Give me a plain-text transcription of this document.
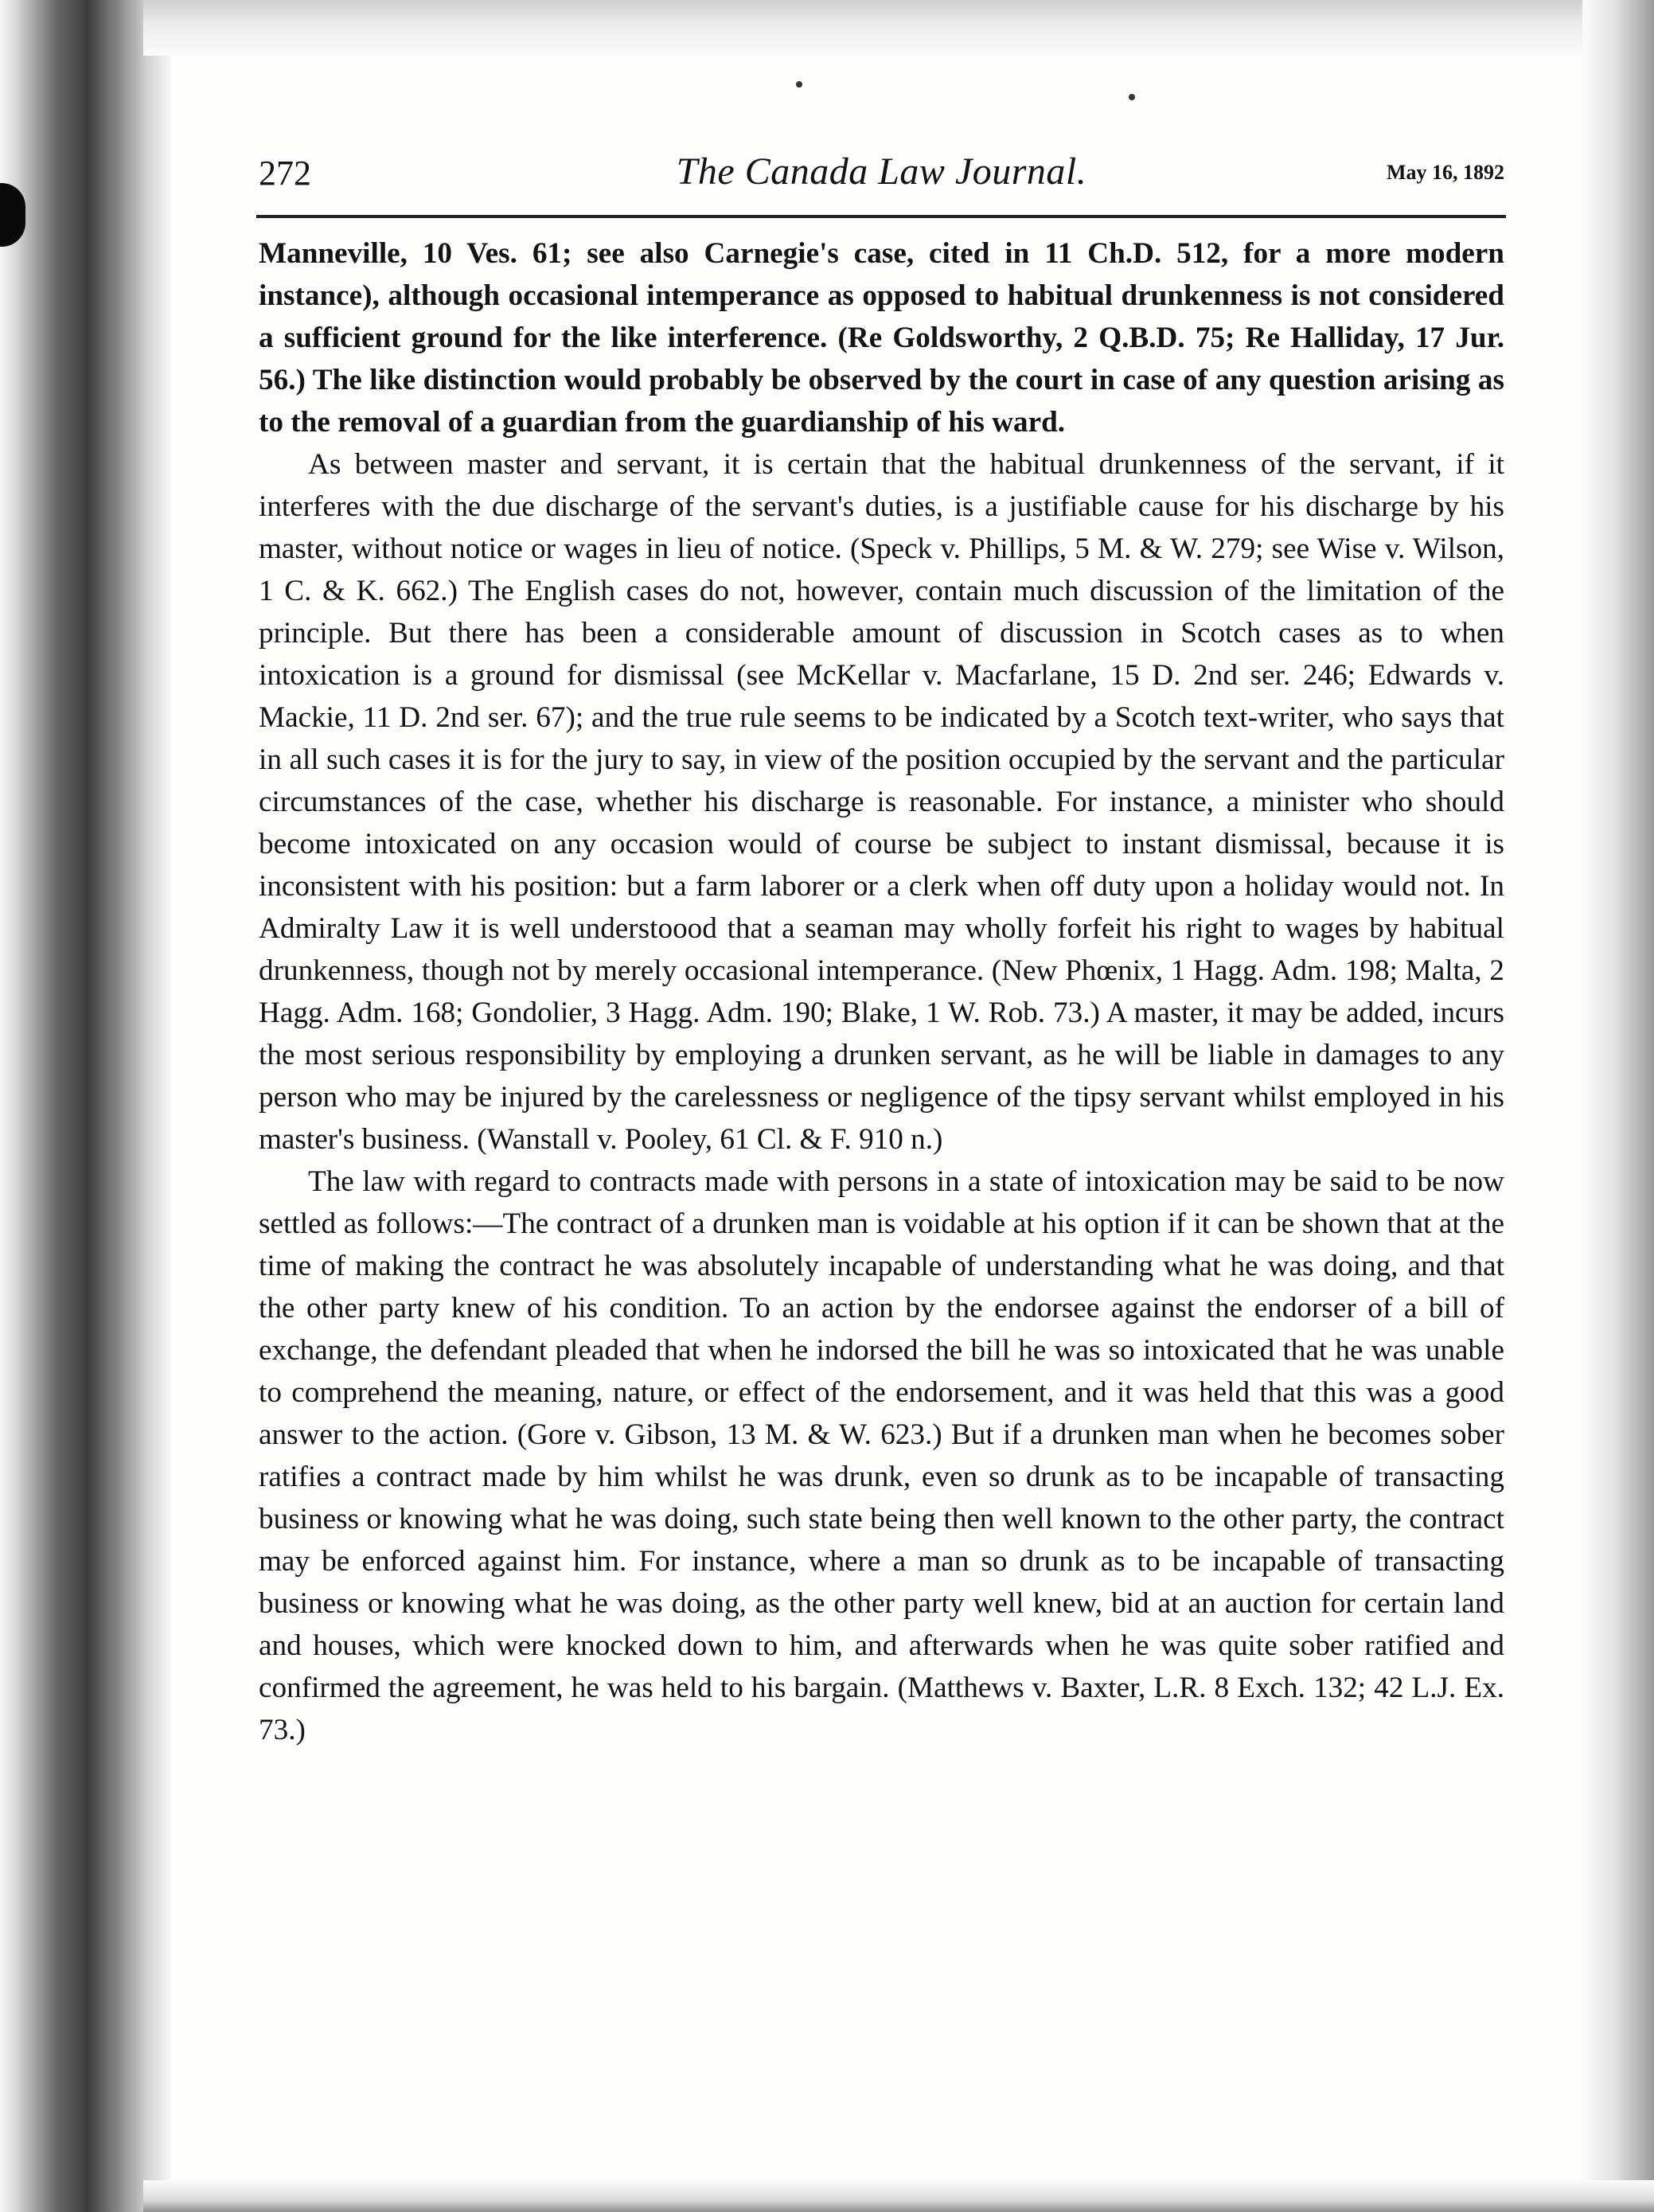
272	The Canada Law Journal.	May 16, 1892

Manneville, 10 Ves. 61; see also Carnegie's case, cited in 11 Ch.D. 512, for a more modern instance), although occasional intemperance as opposed to habitual drunkenness is not considered a sufficient ground for the like interference. (Re Goldsworthy, 2 Q.B.D. 75; Re Halliday, 17 Jur. 56.) The like distinction would probably be observed by the court in case of any question arising as to the removal of a guardian from the guardianship of his ward.

As between master and servant, it is certain that the habitual drunkenness of the servant, if it interferes with the due discharge of the servant's duties, is a justifiable cause for his discharge by his master, without notice or wages in lieu of notice. (Speck v. Phillips, 5 M. & W. 279; see Wise v. Wilson, 1 C. & K. 662.) The English cases do not, however, contain much discussion of the limitation of the principle. But there has been a considerable amount of discussion in Scotch cases as to when intoxication is a ground for dismissal (see McKellar v. Macfarlane, 15 D. 2nd ser. 246; Edwards v. Mackie, 11 D. 2nd ser. 67); and the true rule seems to be indicated by a Scotch text-writer, who says that in all such cases it is for the jury to say, in view of the position occupied by the servant and the particular circumstances of the case, whether his discharge is reasonable. For instance, a minister who should become intoxicated on any occasion would of course be subject to instant dismissal, because it is inconsistent with his position: but a farm laborer or a clerk when off duty upon a holiday would not. In Admiralty Law it is well understoood that a seaman may wholly forfeit his right to wages by habitual drunkenness, though not by merely occasional intemperance. (New Phœnix, 1 Hagg. Adm. 198; Malta, 2 Hagg. Adm. 168; Gondolier, 3 Hagg. Adm. 190; Blake, 1 W. Rob. 73.) A master, it may be added, incurs the most serious responsibility by employing a drunken servant, as he will be liable in damages to any person who may be injured by the carelessness or negligence of the tipsy servant whilst employed in his master's business. (Wanstall v. Pooley, 61 Cl. & F. 910 n.)

The law with regard to contracts made with persons in a state of intoxication may be said to be now settled as follows:—The contract of a drunken man is voidable at his option if it can be shown that at the time of making the contract he was absolutely incapable of understanding what he was doing, and that the other party knew of his condition. To an action by the endorsee against the endorser of a bill of exchange, the defendant pleaded that when he indorsed the bill he was so intoxicated that he was unable to comprehend the meaning, nature, or effect of the endorsement, and it was held that this was a good answer to the action. (Gore v. Gibson, 13 M. & W. 623.) But if a drunken man when he becomes sober ratifies a contract made by him whilst he was drunk, even so drunk as to be incapable of transacting business or knowing what he was doing, such state being then well known to the other party, the contract may be enforced against him. For instance, where a man so drunk as to be incapable of transacting business or knowing what he was doing, as the other party well knew, bid at an auction for certain land and houses, which were knocked down to him, and afterwards when he was quite sober ratified and confirmed the agreement, he was held to his bargain. (Matthews v. Baxter, L.R. 8 Exch. 132; 42 L.J. Ex. 73.)
